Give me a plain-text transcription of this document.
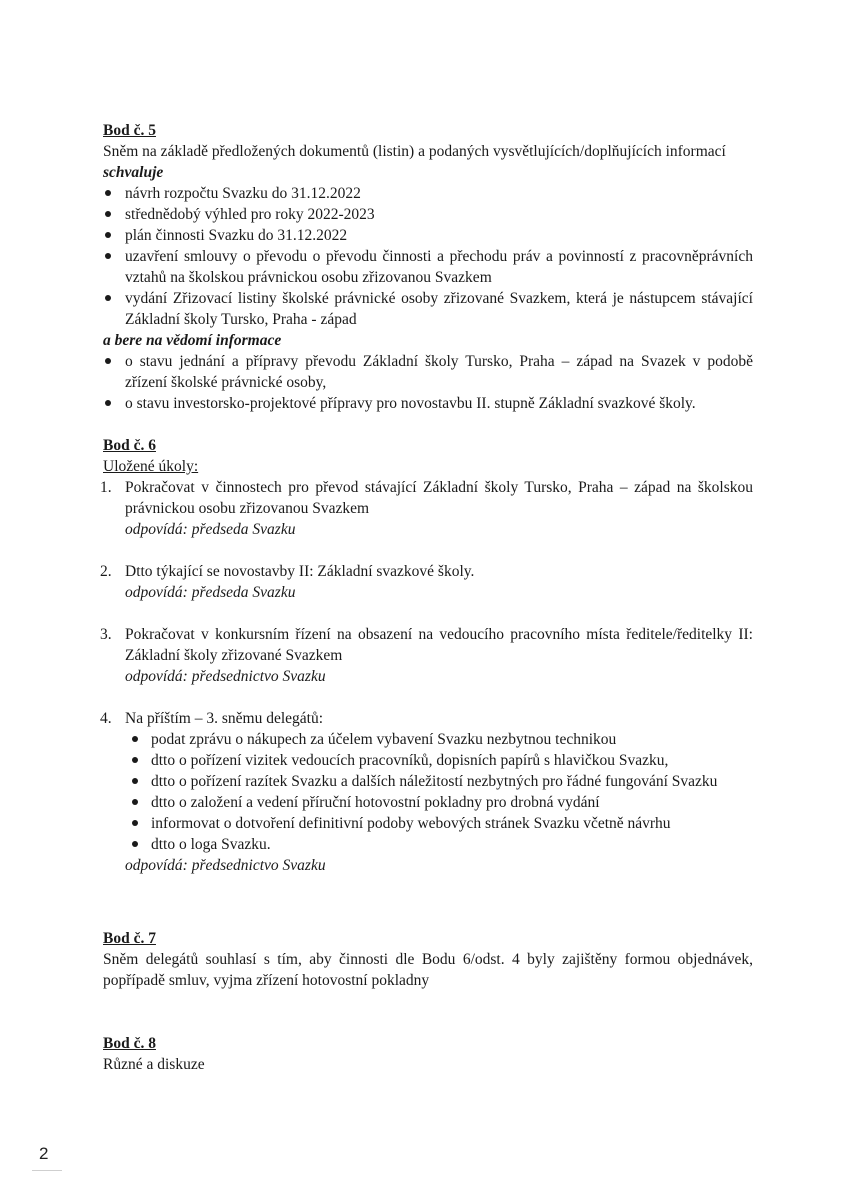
Bod č. 5

Sněm na základě předložených dokumentů (listin) a podaných vysvětlujících/doplňujících informací

schvaluje

návrh rozpočtu Svazku do 31.12.2022
střednědobý výhled pro roky 2022-2023
plán činnosti Svazku do 31.12.2022
uzavření smlouvy o převodu o převodu činnosti a přechodu práv a povinností z pracovněprávních vztahů na školskou právnickou osobu zřizovanou Svazkem
vydání Zřizovací listiny školské právnické osoby zřizované Svazkem, která je nástupcem stávající Základní školy Tursko, Praha - západ

a bere na vědomí informace

o stavu jednání a přípravy převodu Základní školy Tursko, Praha – západ na Svazek v podobě zřízení školské právnické osoby,
o stavu investorsko-projektové přípravy pro novostavbu II. stupně Základní svazkové školy.

Bod č. 6

Uložené úkoly:

1. Pokračovat v činnostech pro převod stávající Základní školy Tursko, Praha – západ na školskou právnickou osobu zřizovanou Svazkem
odpovídá: předseda Svazku
2. Dtto týkající se novostavby II: Základní svazkové školy.
odpovídá: předseda Svazku
3. Pokračovat v konkursním řízení na obsazení na vedoucího pracovního místa ředitele/ředitelky II: Základní školy zřizované Svazkem
odpovídá: předsednictvo Svazku
4. Na příštím – 3. sněmu delegátů:
podat zprávu o nákupech za účelem vybavení Svazku nezbytnou technikou
dtto o pořízení vizitek vedoucích pracovníků, dopisních papírů s hlavičkou Svazku,
dtto o pořízení razítek Svazku a dalších náležitostí nezbytných pro řádné fungování Svazku
dtto o založení a vedení příruční hotovostní pokladny pro drobná vydání
informovat o dotvoření definitivní podoby webových stránek Svazku včetně návrhu
dtto o loga Svazku.
odpovídá: předsednictvo Svazku

Bod č. 7

Sněm delegátů souhlasí s tím, aby činnosti dle Bodu 6/odst. 4 byly zajištěny formou objednávek, popřípadě smluv, vyjma zřízení hotovostní pokladny

Bod č. 8

Různé a diskuze

2
